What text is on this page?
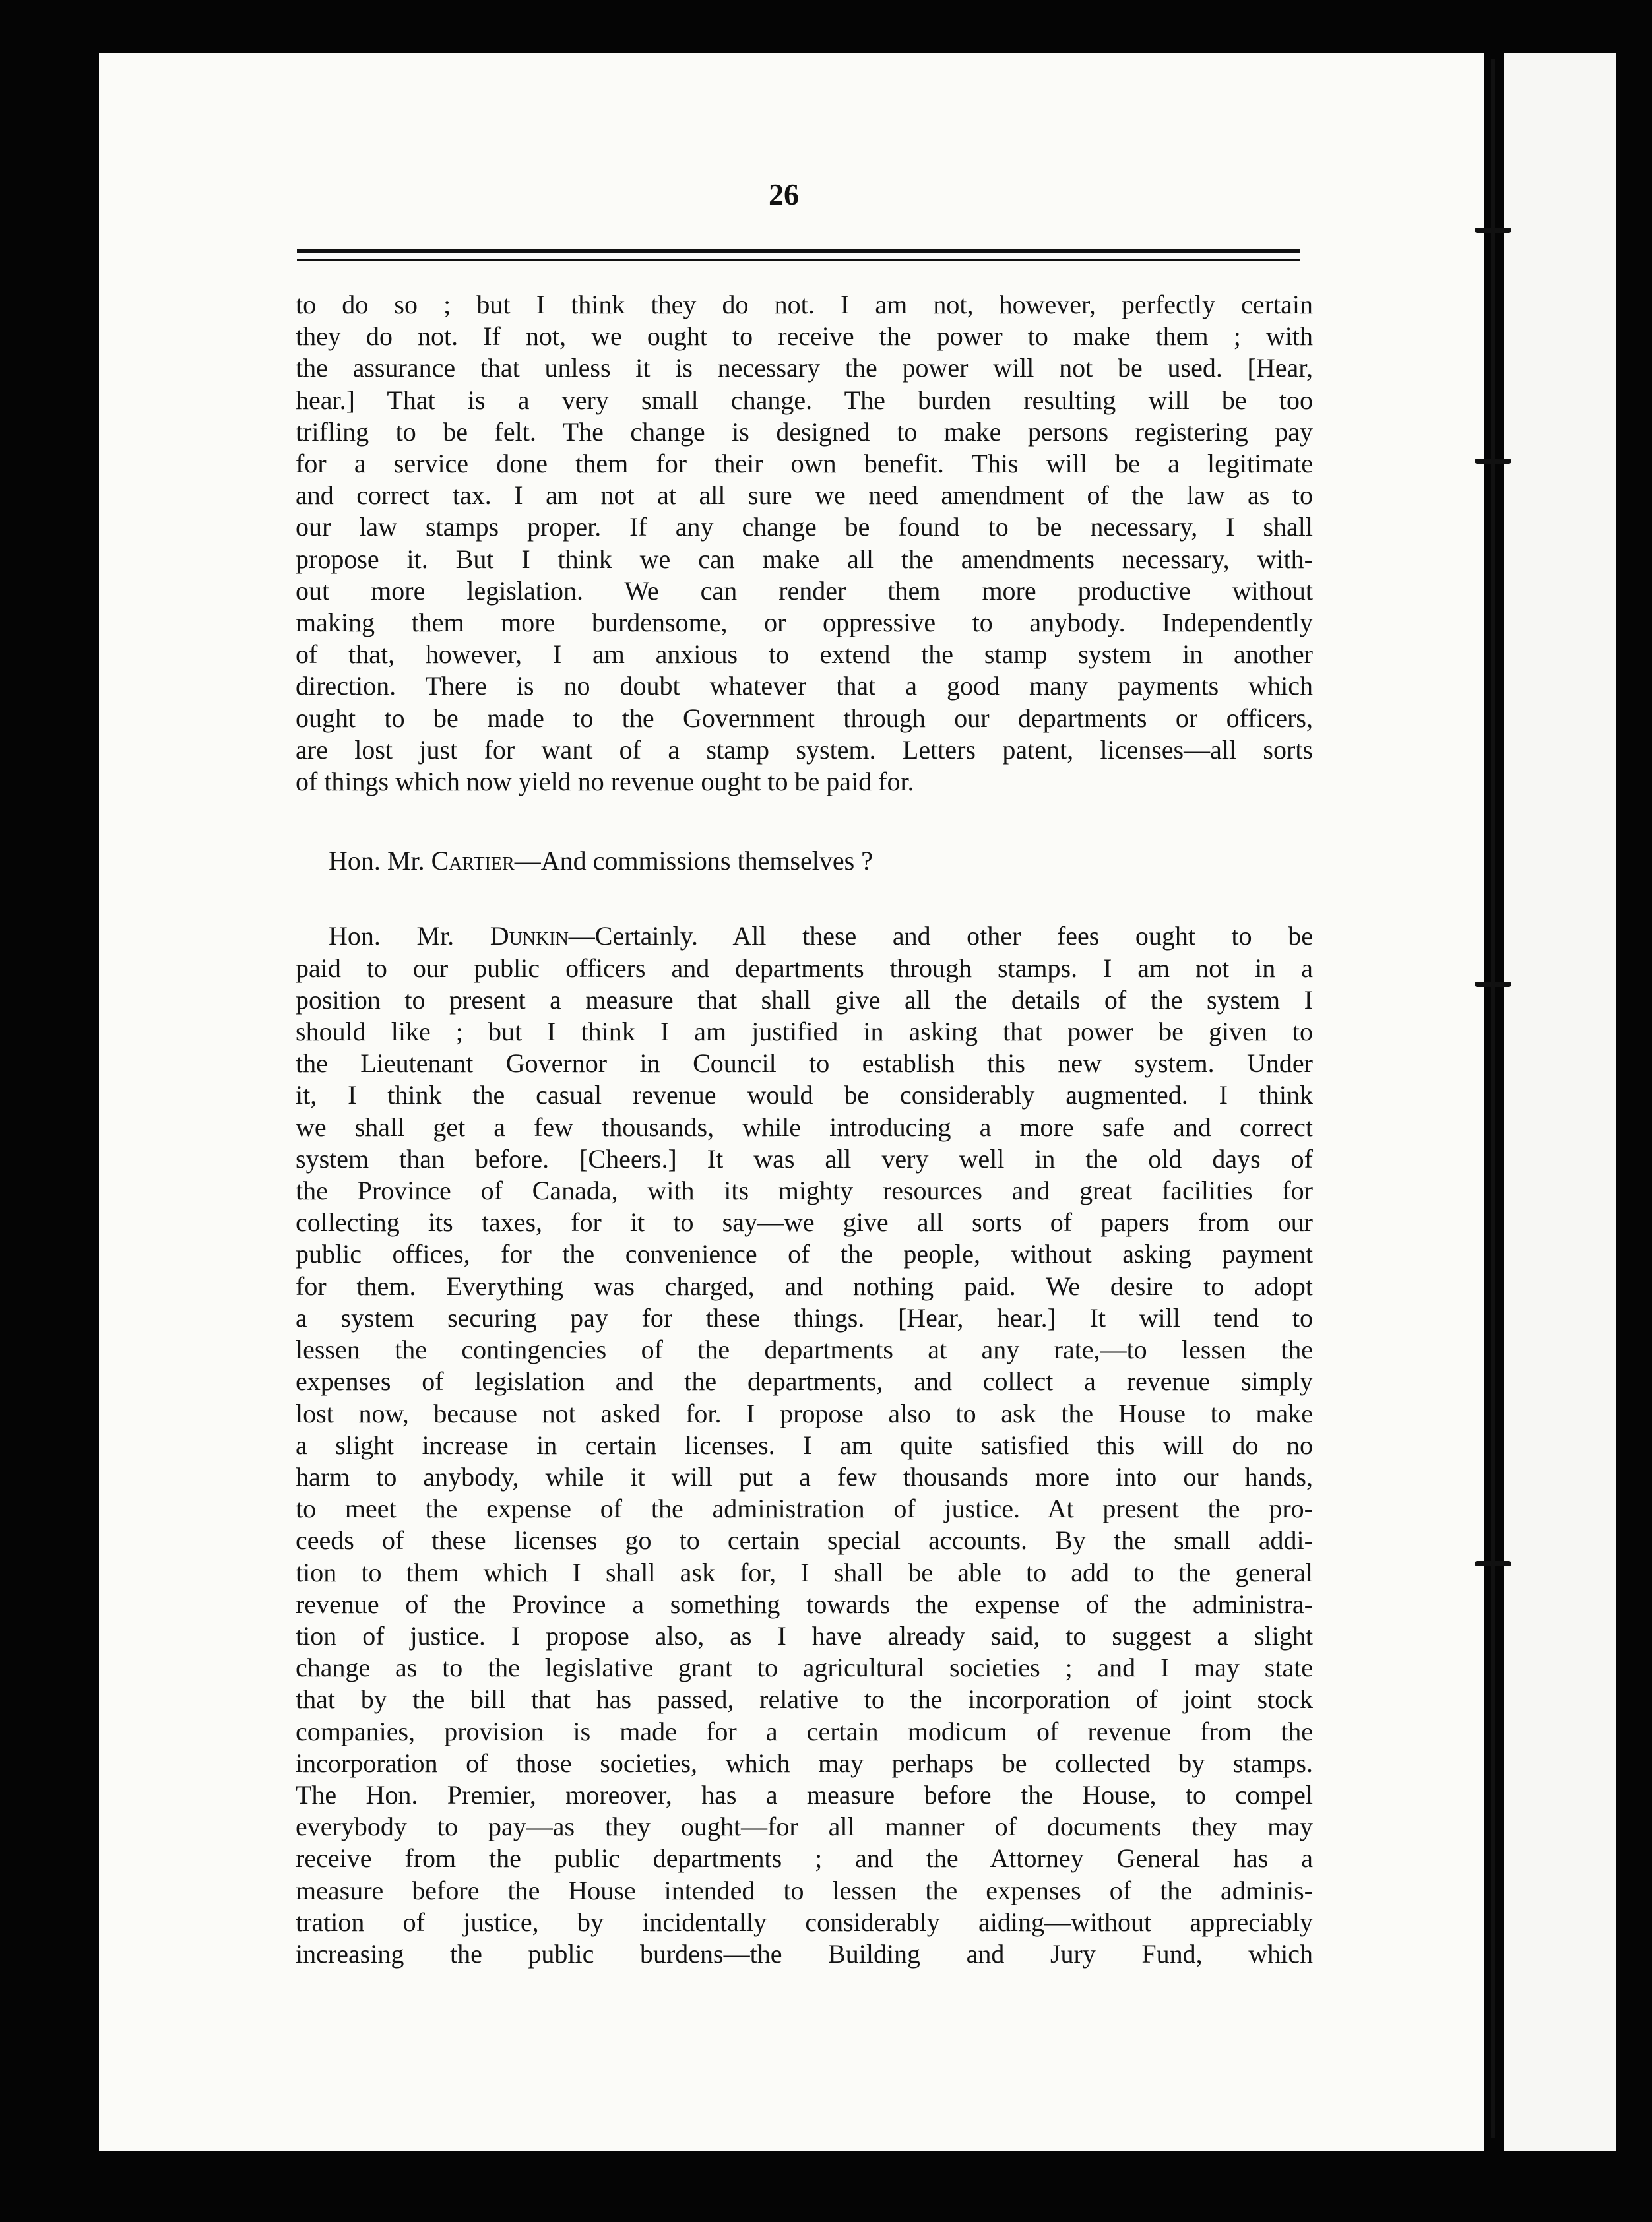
26

to do so ; but I think they do not. I am not, however, perfectly certain
they do not. If not, we ought to receive the power to make them ; with
the assurance that unless it is necessary the power will not be used. [Hear,
hear.] That is a very small change. The burden resulting will be too
trifling to be felt. The change is designed to make persons registering pay
for a service done them for their own benefit. This will be a legitimate
and correct tax. I am not at all sure we need amendment of the law as to
our law stamps proper. If any change be found to be necessary, I shall
propose it. But I think we can make all the amendments necessary, with-
out more legislation. We can render them more productive without
making them more burdensome, or oppressive to anybody. Independently
of that, however, I am anxious to extend the stamp system in another
direction. There is no doubt whatever that a good many payments which
ought to be made to the Government through our departments or officers,
are lost just for want of a stamp system. Letters patent, licenses—all sorts
of things which now yield no revenue ought to be paid for.

Hon. Mr. Cartier—And commissions themselves ?

Hon. Mr. Dunkin—Certainly. All these and other fees ought to be
paid to our public officers and departments through stamps. I am not in a
position to present a measure that shall give all the details of the system I
should like ; but I think I am justified in asking that power be given to
the Lieutenant Governor in Council to establish this new system. Under
it, I think the casual revenue would be considerably augmented. I think
we shall get a few thousands, while introducing a more safe and correct
system than before. [Cheers.] It was all very well in the old days of
the Province of Canada, with its mighty resources and great facilities for
collecting its taxes, for it to say—we give all sorts of papers from our
public offices, for the convenience of the people, without asking payment
for them. Everything was charged, and nothing paid. We desire to adopt
a system securing pay for these things. [Hear, hear.] It will tend to
lessen the contingencies of the departments at any rate,—to lessen the
expenses of legislation and the departments, and collect a revenue simply
lost now, because not asked for. I propose also to ask the House to make
a slight increase in certain licenses. I am quite satisfied this will do no
harm to anybody, while it will put a few thousands more into our hands,
to meet the expense of the administration of justice. At present the pro-
ceeds of these licenses go to certain special accounts. By the small addi-
tion to them which I shall ask for, I shall be able to add to the general
revenue of the Province a something towards the expense of the administra-
tion of justice. I propose also, as I have already said, to suggest a slight
change as to the legislative grant to agricultural societies ; and I may state
that by the bill that has passed, relative to the incorporation of joint stock
companies, provision is made for a certain modicum of revenue from the
incorporation of those societies, which may perhaps be collected by stamps.
The Hon. Premier, moreover, has a measure before the House, to compel
everybody to pay—as they ought—for all manner of documents they may
receive from the public departments ; and the Attorney General has a
measure before the House intended to lessen the expenses of the adminis-
tration of justice, by incidentally considerably aiding—without appreciably
increasing the public burdens—the Building and Jury Fund, which
